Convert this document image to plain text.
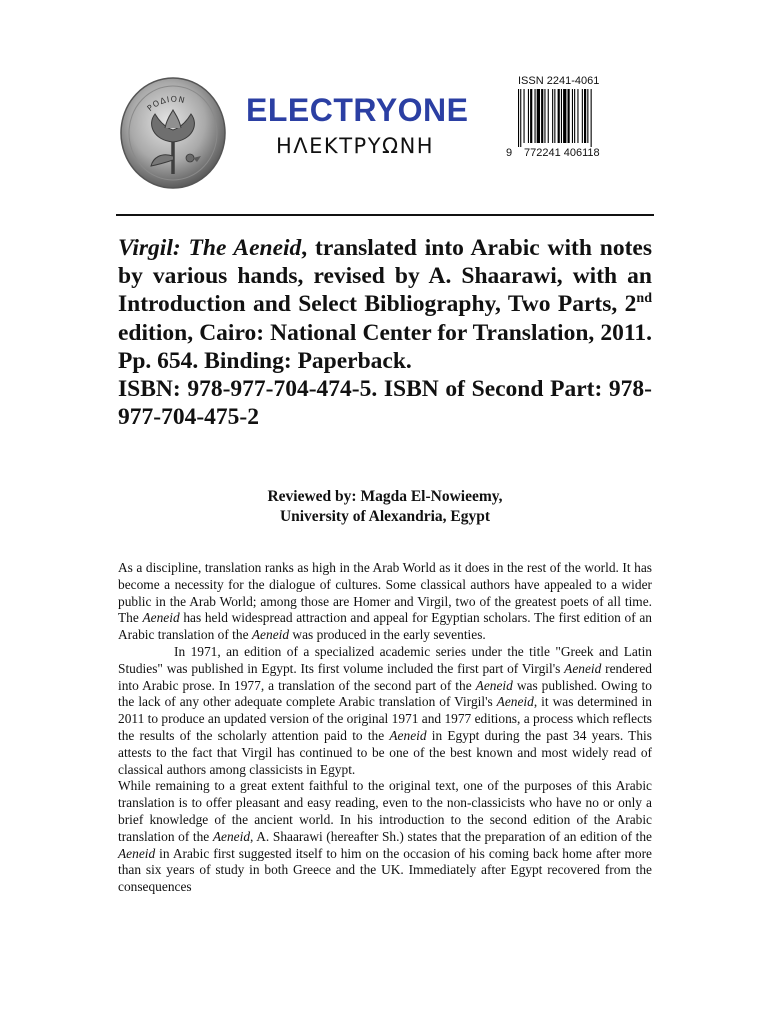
ΡΟΔΙΟΝ ELECTRYONE
ΗΛΕΚΤΡΥΩΝΗ
ISSN 2241-4061
9 772241 406118

Virgil: The Aeneid, translated into Arabic with notes by various hands, revised by A. Shaarawi, with an Introduction and Select Bibliography, Two Parts, 2nd edition, Cairo: National Center for Translation, 2011. Pp. 654. Binding: Paperback.

ISBN: 978-977-704-474-5. ISBN of Second Part: 978-977-704-475-2

Reviewed by: Magda El-Nowieemy,
University of Alexandria, Egypt

As a discipline, translation ranks as high in the Arab World as it does in the rest of the world. It has become a necessity for the dialogue of cultures. Some classical authors have appealed to a wider public in the Arab World; among those are Homer and Virgil, two of the greatest poets of all time. The Aeneid has held widespread attraction and appeal for Egyptian scholars. The first edition of an Arabic translation of the Aeneid was produced in the early seventies.

In 1971, an edition of a specialized academic series under the title "Greek and Latin Studies" was published in Egypt. Its first volume included the first part of Virgil's Aeneid rendered into Arabic prose. In 1977, a translation of the second part of the Aeneid was published. Owing to the lack of any other adequate complete Arabic translation of Virgil's Aeneid, it was determined in 2011 to produce an updated version of the original 1971 and 1977 editions, a process which reflects the results of the scholarly attention paid to the Aeneid in Egypt during the past 34 years. This attests to the fact that Virgil has continued to be one of the best known and most widely read of classical authors among classicists in Egypt.

While remaining to a great extent faithful to the original text, one of the purposes of this Arabic translation is to offer pleasant and easy reading, even to the non-classicists who have no or only a brief knowledge of the ancient world. In his introduction to the second edition of the Arabic translation of the Aeneid, A. Shaarawi (hereafter Sh.) states that the preparation of an edition of the Aeneid in Arabic first suggested itself to him on the occasion of his coming back home after more than six years of study in both Greece and the UK. Immediately after Egypt recovered from the consequences
